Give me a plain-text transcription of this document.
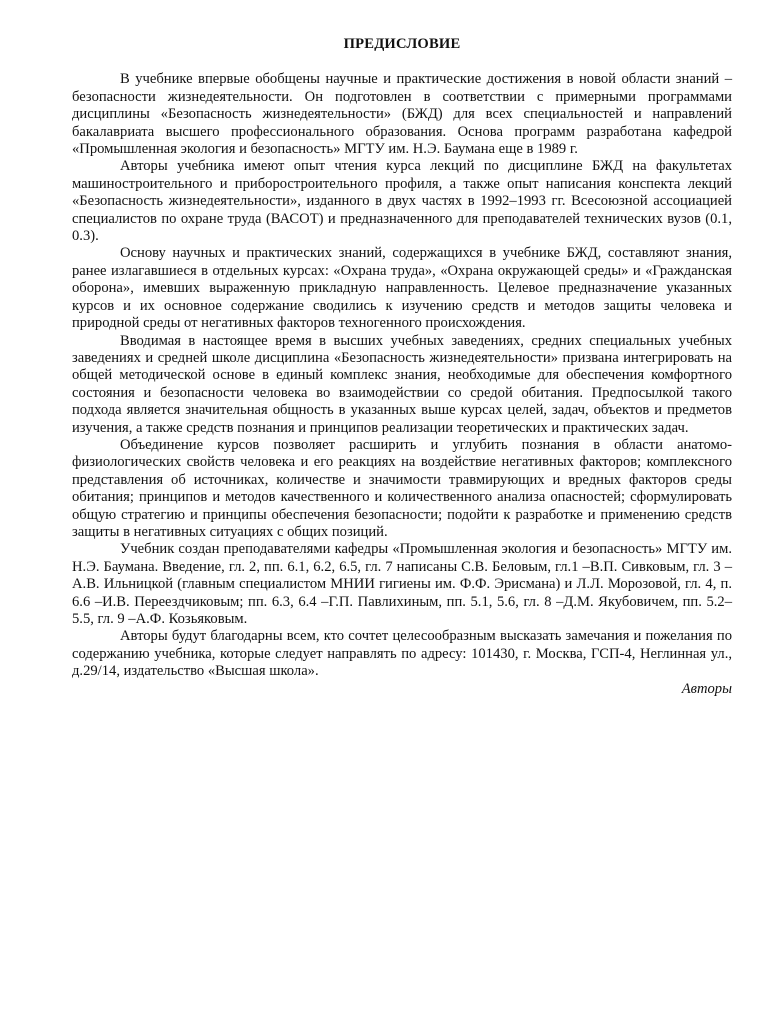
ПРЕДИСЛОВИЕ

В учебнике впервые обобщены научные и практические достижения в новой области знаний – безопасности жизнедеятельности. Он подготовлен в соответствии с примерными программами дисциплины «Безопасность жизнедеятельности» (БЖД) для всех специальностей и направлений бакалавриата высшего профессионального образования. Основа программ разработана кафедрой «Промышленная экология и безопасность» МГТУ им. Н.Э. Баумана еще в 1989 г.

Авторы учебника имеют опыт чтения курса лекций по дисциплине БЖД на факультетах машиностроительного и приборостроительного профиля, а также опыт написания конспекта лекций «Безопасность жизнедеятельности», изданного в двух частях в 1992–1993 гг. Всесоюзной ассоциацией специалистов по охране труда (ВАСОТ) и предназначенного для преподавателей технических вузов (0.1, 0.3).

Основу научных и практических знаний, содержащихся в учебнике БЖД, составляют знания, ранее излагавшиеся в отдельных курсах: «Охрана труда», «Охрана окружающей среды» и «Гражданская оборона», имевших выраженную прикладную направленность. Целевое предназначение указанных курсов и их основное содержание сводились к изучению средств и методов защиты человека и природной среды от негативных факторов техногенного происхождения.

Вводимая в настоящее время в высших учебных заведениях, средних специальных учебных заведениях и средней школе дисциплина «Безопасность жизнедеятельности» призвана интегрировать на общей методической основе в единый комплекс знания, необходимые для обеспечения комфортного состояния и безопасности человека во взаимодействии со средой обитания. Предпосылкой такого подхода является значительная общность в указанных выше курсах целей, задач, объектов и предметов изучения, а также средств познания и принципов реализации теоретических и практических задач.

Объединение курсов позволяет расширить и углубить познания в области анатомо-физиологических свойств человека и его реакциях на воздействие негативных факторов; комплексного представления об источниках, количестве и значимости травмирующих и вредных факторов среды обитания; принципов и методов качественного и количественного анализа опасностей; сформулировать общую стратегию и принципы обеспечения безопасности; подойти к разработке и применению средств защиты в негативных ситуациях с общих позиций.

Учебник создан преподавателями кафедры «Промышленная экология и безопасность» МГТУ им. Н.Э. Баумана. Введение, гл. 2, пп. 6.1, 6.2, 6.5, гл. 7 написаны С.В. Беловым, гл.1 –В.П. Сивковым, гл. 3 –А.В. Ильницкой (главным специалистом МНИИ гигиены им. Ф.Ф. Эрисмана) и Л.Л. Морозовой, гл. 4, п. 6.6 –И.В. Переездчиковым; пп. 6.3, 6.4 –Г.П. Павлихиным, пп. 5.1, 5.6, гл. 8 –Д.М. Якубовичем, пп. 5.2–5.5, гл. 9 –А.Ф. Козьяковым.

Авторы будут благодарны всем, кто сочтет целесообразным высказать замечания и пожелания по содержанию учебника, которые следует направлять по адресу: 101430, г. Москва, ГСП-4, Неглинная ул., д.29/14, издательство «Высшая школа».

Авторы
